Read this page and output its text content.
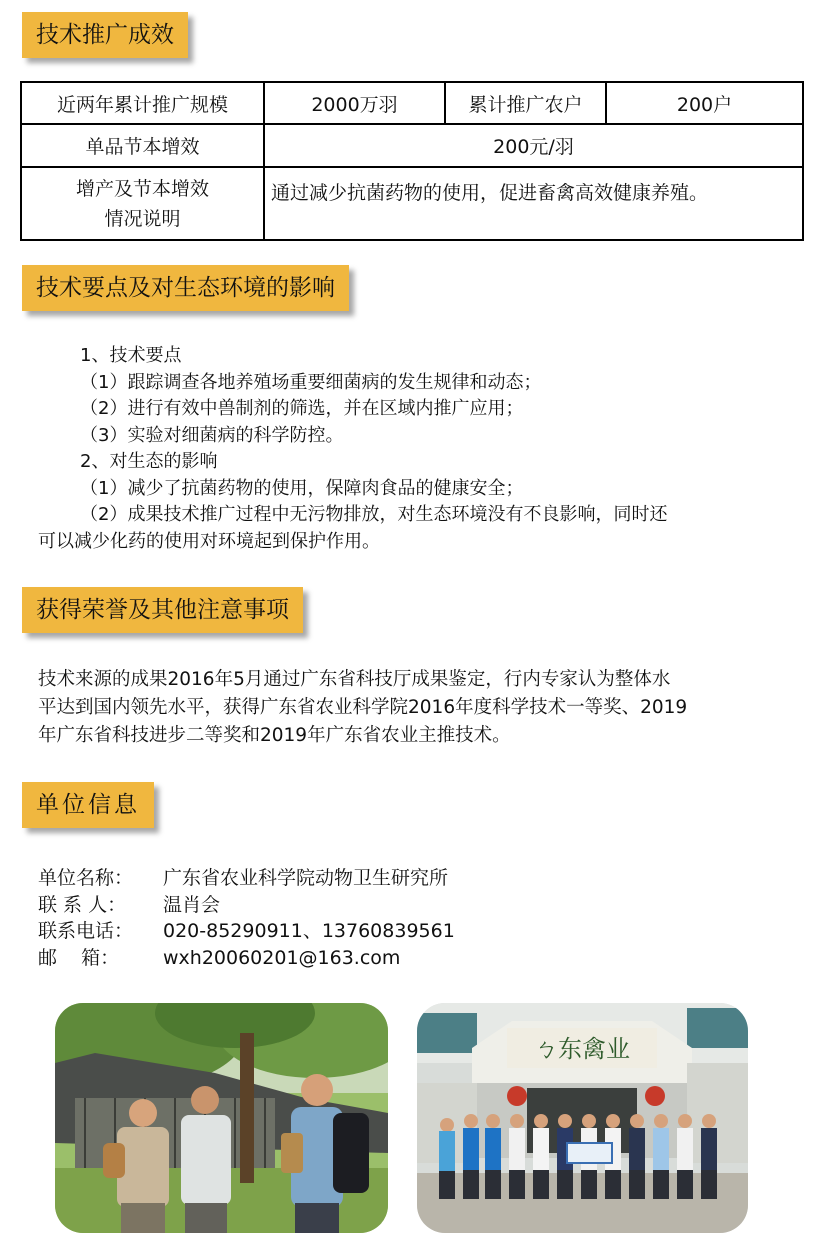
技术推广成效
近两年累计推广规模	2000万羽	累计推广农户	200户
单品节本增效	200元/羽		

增产及节本增效
情况说明	通过减少抗菌药物的使用，促进畜禽高效健康养殖。		
技术要点及对生态环境的影响

1、技术要点

（1）跟踪调查各地养殖场重要细菌病的发生规律和动态；

（2）进行有效中兽制剂的筛选，并在区域内推广应用；

（3）实验对细菌病的科学防控。

2、对生态的影响

（1）减少了抗菌药物的使用，保障肉食品的健康安全；

（2）成果技术推广过程中无污物排放，对生态环境没有不良影响，同时还

可以减少化药的使用对环境起到保护作用。

获得荣誉及其他注意事项
技术来源的成果2016年5月通过广东省科技厅成果鉴定，行内专家认为整体水
平达到国内领先水平，获得广东省农业科学院2016年度科学技术一等奖、2019
年广东省科技进步二等奖和2019年广东省农业主推技术。
单位信息
单位名称：	广东省农业科学院动物卫生研究所
联 系 人：	温肖会
联系电话：	020-85290911、13760839561
邮    箱：	wxh20060201@163.com
ㄅ东禽业
